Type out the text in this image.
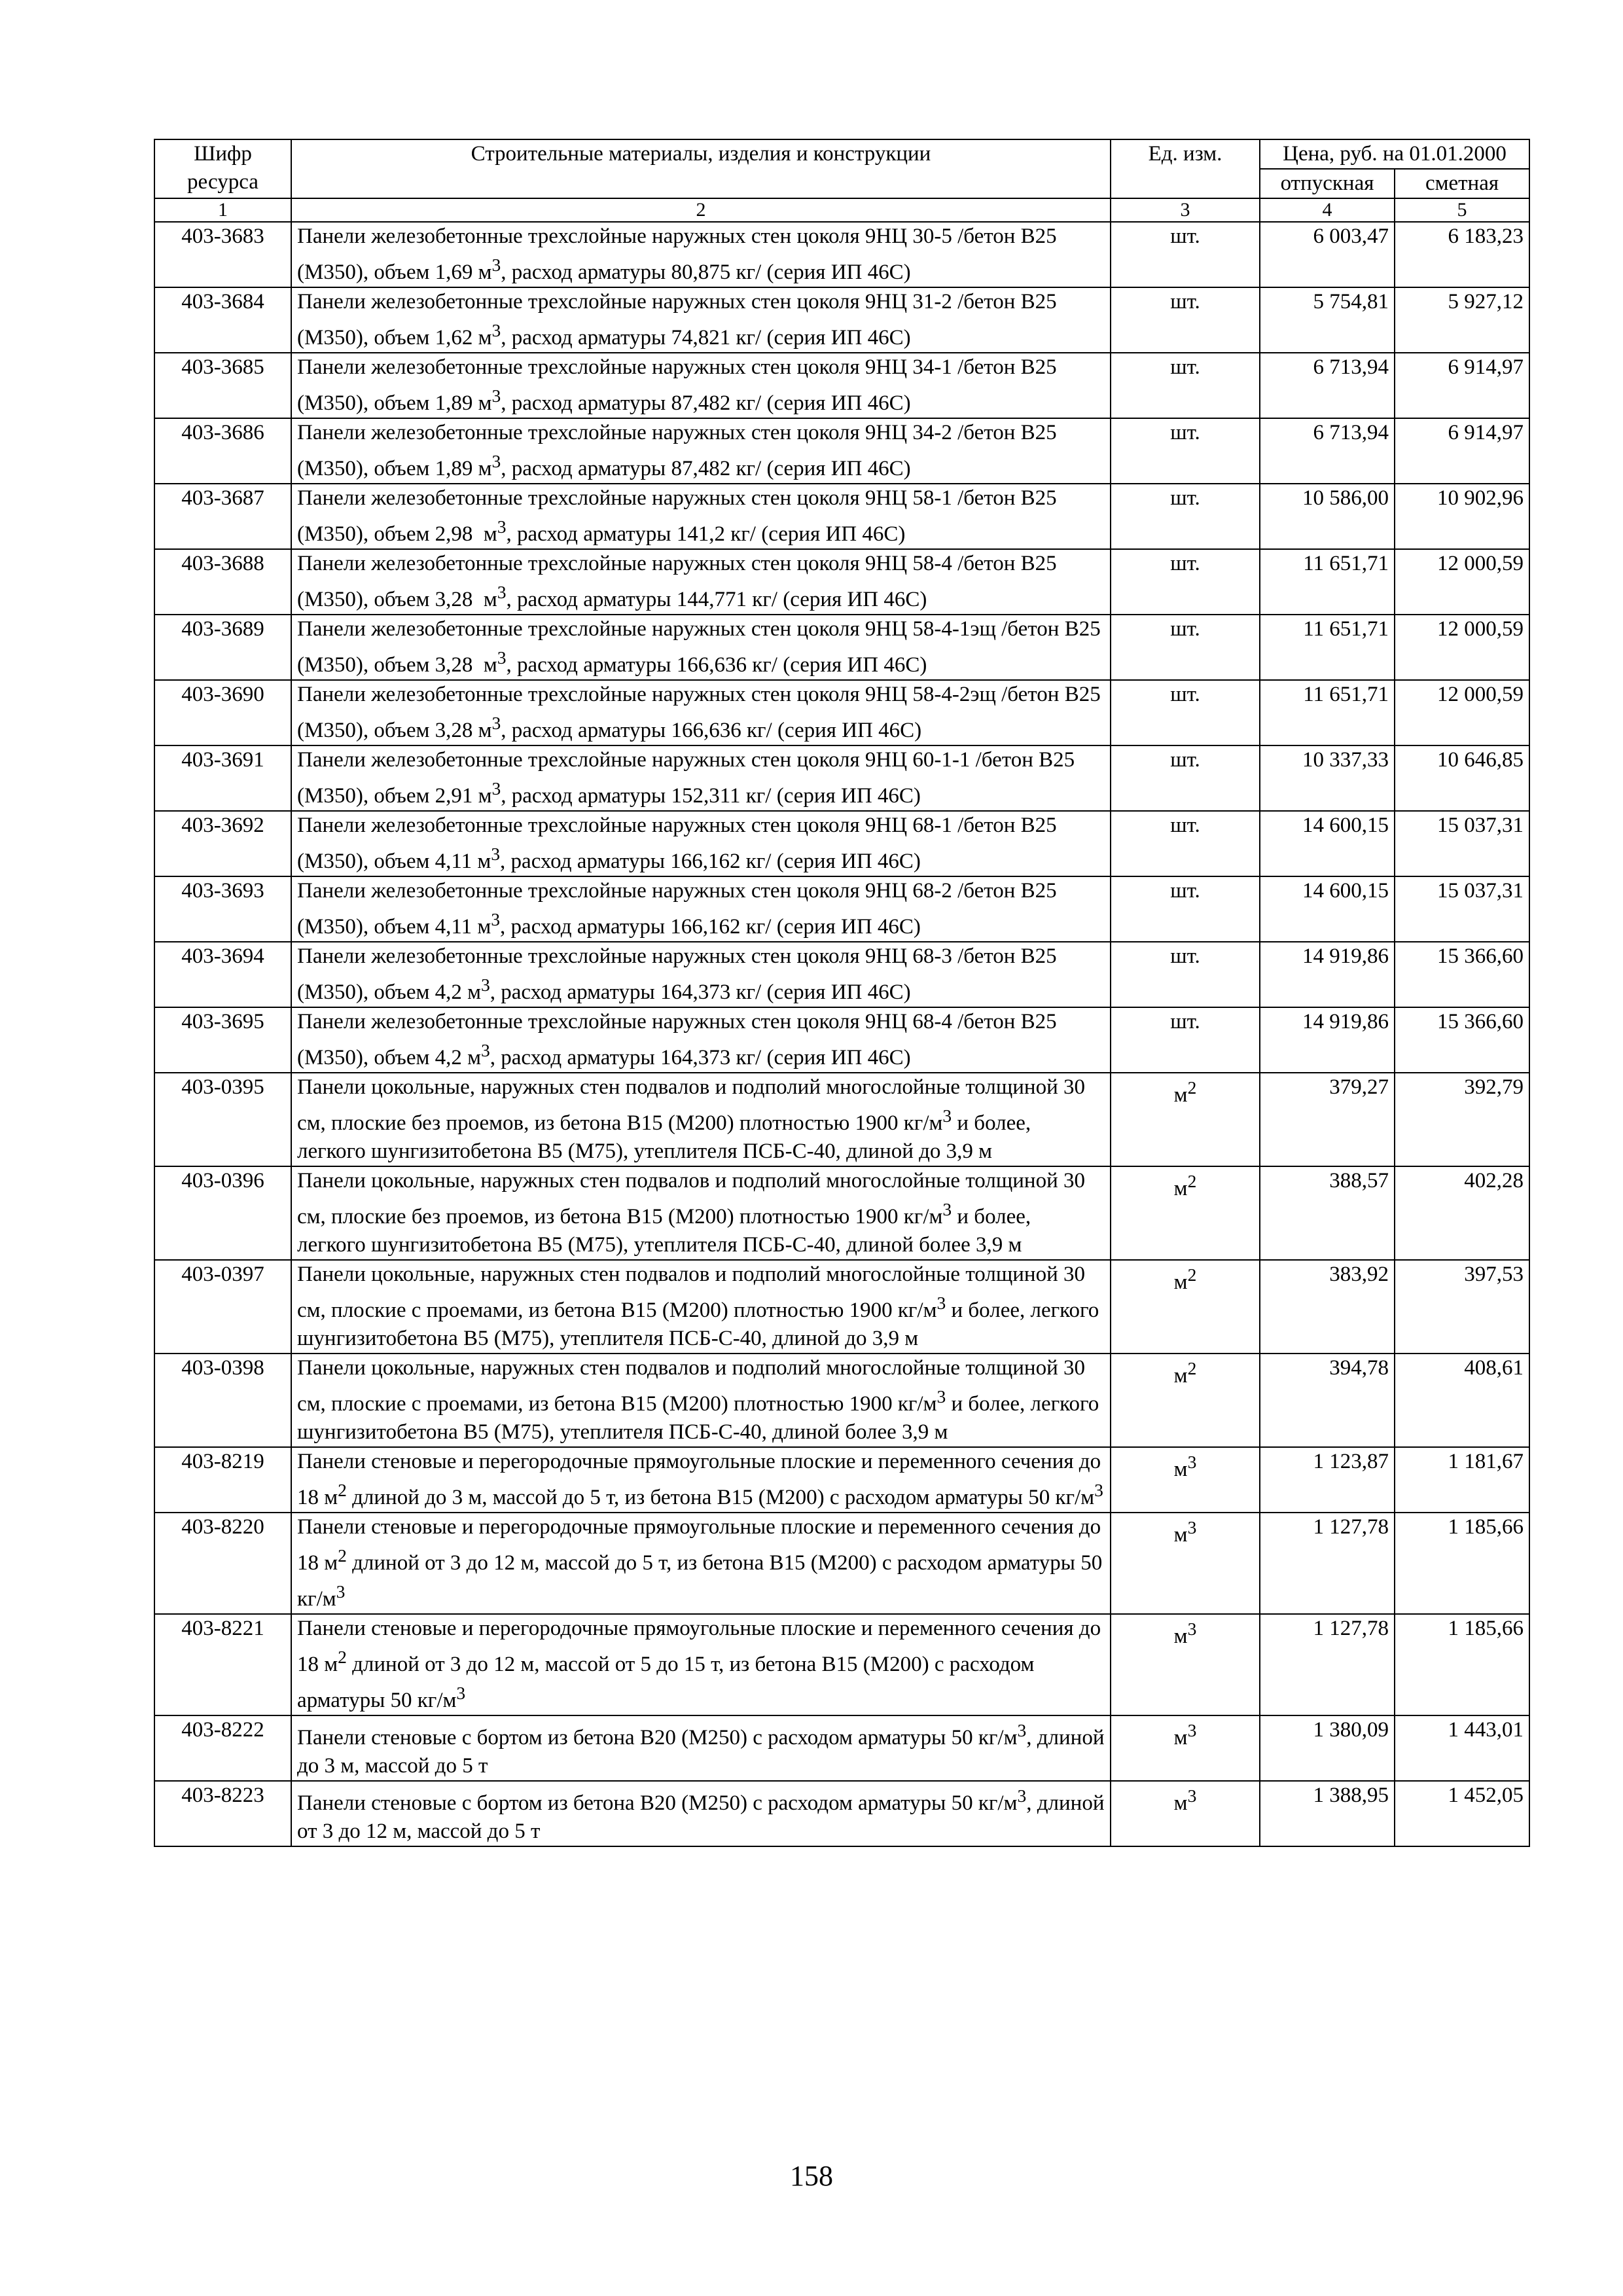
Шифр ресурса	Строительные материалы, изделия и конструкции	Ед. изм.	Цена, руб. на 01.01.2000	
			отпускная	сметная
1	2	3	4	5
403-3683	Панели железобетонные трехслойные наружных стен цоколя 9НЦ 30-5 /бетон В25 (М350), объем 1,69 $м^3$, расход арматуры 80,875 кг/ (серия ИП 46С)	шт.	6 003,47	6 183,23
403-3684	Панели железобетонные трехслойные наружных стен цоколя 9НЦ 31-2 /бетон В25 (М350), объем 1,62 $м^3$, расход арматуры 74,821 кг/ (серия ИП 46С)	шт.	5 754,81	5 927,12
403-3685	Панели железобетонные трехслойные наружных стен цоколя 9НЦ 34-1 /бетон В25 (М350), объем 1,89 $м^3$, расход арматуры 87,482 кг/ (серия ИП 46С)	шт.	6 713,94	6 914,97
403-3686	Панели железобетонные трехслойные наружных стен цоколя 9НЦ 34-2 /бетон В25 (М350), объем 1,89 $м^3$, расход арматуры 87,482 кг/ (серия ИП 46С)	шт.	6 713,94	6 914,97
403-3687	Панели железобетонные трехслойные наружных стен цоколя 9НЦ 58-1 /бетон В25 (М350), объем 2,98  $м^3$, расход арматуры 141,2 кг/ (серия ИП 46С)	шт.	10 586,00	10 902,96
403-3688	Панели железобетонные трехслойные наружных стен цоколя 9НЦ 58-4 /бетон В25 (М350), объем 3,28  $м^3$, расход арматуры 144,771 кг/ (серия ИП 46С)	шт.	11 651,71	12 000,59
403-3689	Панели железобетонные трехслойные наружных стен цоколя 9НЦ 58-4-1эщ /бетон В25 (М350), объем 3,28  $м^3$, расход арматуры 166,636 кг/ (серия ИП 46С)	шт.	11 651,71	12 000,59
403-3690	Панели железобетонные трехслойные наружных стен цоколя 9НЦ 58-4-2эщ /бетон В25 (М350), объем 3,28 $м^3$, расход арматуры 166,636 кг/ (серия ИП 46С)	шт.	11 651,71	12 000,59
403-3691	Панели железобетонные трехслойные наружных стен цоколя 9НЦ 60-1-1 /бетон В25 (М350), объем 2,91 $м^3$, расход арматуры 152,311 кг/ (серия ИП 46С)	шт.	10 337,33	10 646,85
403-3692	Панели железобетонные трехслойные наружных стен цоколя 9НЦ 68-1 /бетон В25 (М350), объем 4,11 $м^3$, расход арматуры 166,162 кг/ (серия ИП 46С)	шт.	14 600,15	15 037,31
403-3693	Панели железобетонные трехслойные наружных стен цоколя 9НЦ 68-2 /бетон В25 (М350), объем 4,11 $м^3$, расход арматуры 166,162 кг/ (серия ИП 46С)	шт.	14 600,15	15 037,31
403-3694	Панели железобетонные трехслойные наружных стен цоколя 9НЦ 68-3 /бетон В25 (М350), объем 4,2 $м^3$, расход арматуры 164,373 кг/ (серия ИП 46С)	шт.	14 919,86	15 366,60
403-3695	Панели железобетонные трехслойные наружных стен цоколя 9НЦ 68-4 /бетон В25 (М350), объем 4,2 $м^3$, расход арматуры 164,373 кг/ (серия ИП 46С)	шт.	14 919,86	15 366,60
403-0395	Панели цокольные, наружных стен подвалов и подполий многослойные толщиной 30 см, плоские без проемов, из бетона В15 (М200) плотностью 1900 $кг/м^3$ и более, легкого шунгизитобетона В5 (М75), утеплителя ПСБ-С-40, длиной до 3,9 м	$м^2$	379,27	392,79
403-0396	Панели цокольные, наружных стен подвалов и подполий многослойные толщиной 30 см, плоские без проемов, из бетона В15 (М200) плотностью 1900 $кг/м^3$ и более, легкого шунгизитобетона В5 (М75), утеплителя ПСБ-С-40, длиной более 3,9 м	$м^2$	388,57	402,28
403-0397	Панели цокольные, наружных стен подвалов и подполий многослойные толщиной 30 см, плоские с проемами, из бетона В15 (М200) плотностью 1900 $кг/м^3$ и более, легкого шунгизитобетона В5 (М75), утеплителя ПСБ-С-40, длиной до 3,9 м	$м^2$	383,92	397,53
403-0398	Панели цокольные, наружных стен подвалов и подполий многослойные толщиной 30 см, плоские с проемами, из бетона В15 (М200) плотностью 1900 $кг/м^3$ и более, легкого шунгизитобетона В5 (М75), утеплителя ПСБ-С-40, длиной более 3,9 м	$м^2$	394,78	408,61
403-8219	Панели стеновые и перегородочные прямоугольные плоские и переменного сечения до 18 $м^2$ длиной до 3 м, массой до 5 т, из бетона В15 (М200) с расходом арматуры 50 $кг/м^3$	$м^3$	1 123,87	1 181,67
403-8220	Панели стеновые и перегородочные прямоугольные плоские и переменного сечения до 18 $м^2$ длиной от 3 до 12 м, массой до 5 т, из бетона В15 (М200) с расходом арматуры 50 $кг/м^3$	$м^3$	1 127,78	1 185,66
403-8221	Панели стеновые и перегородочные прямоугольные плоские и переменного сечения до 18 $м^2$ длиной от 3 до 12 м, массой от 5 до 15 т, из бетона В15 (М200) с расходом арматуры 50 $кг/м^3$	$м^3$	1 127,78	1 185,66
403-8222	Панели стеновые с бортом из бетона В20 (М250) с расходом арматуры 50 $кг/м^3$, длиной до 3 м, массой до 5 т	$м^3$	1 380,09	1 443,01
403-8223	Панели стеновые с бортом из бетона В20 (М250) с расходом арматуры 50 $кг/м^3$, длиной от 3 до 12 м, массой до 5 т	$м^3$	1 388,95	1 452,05
158
